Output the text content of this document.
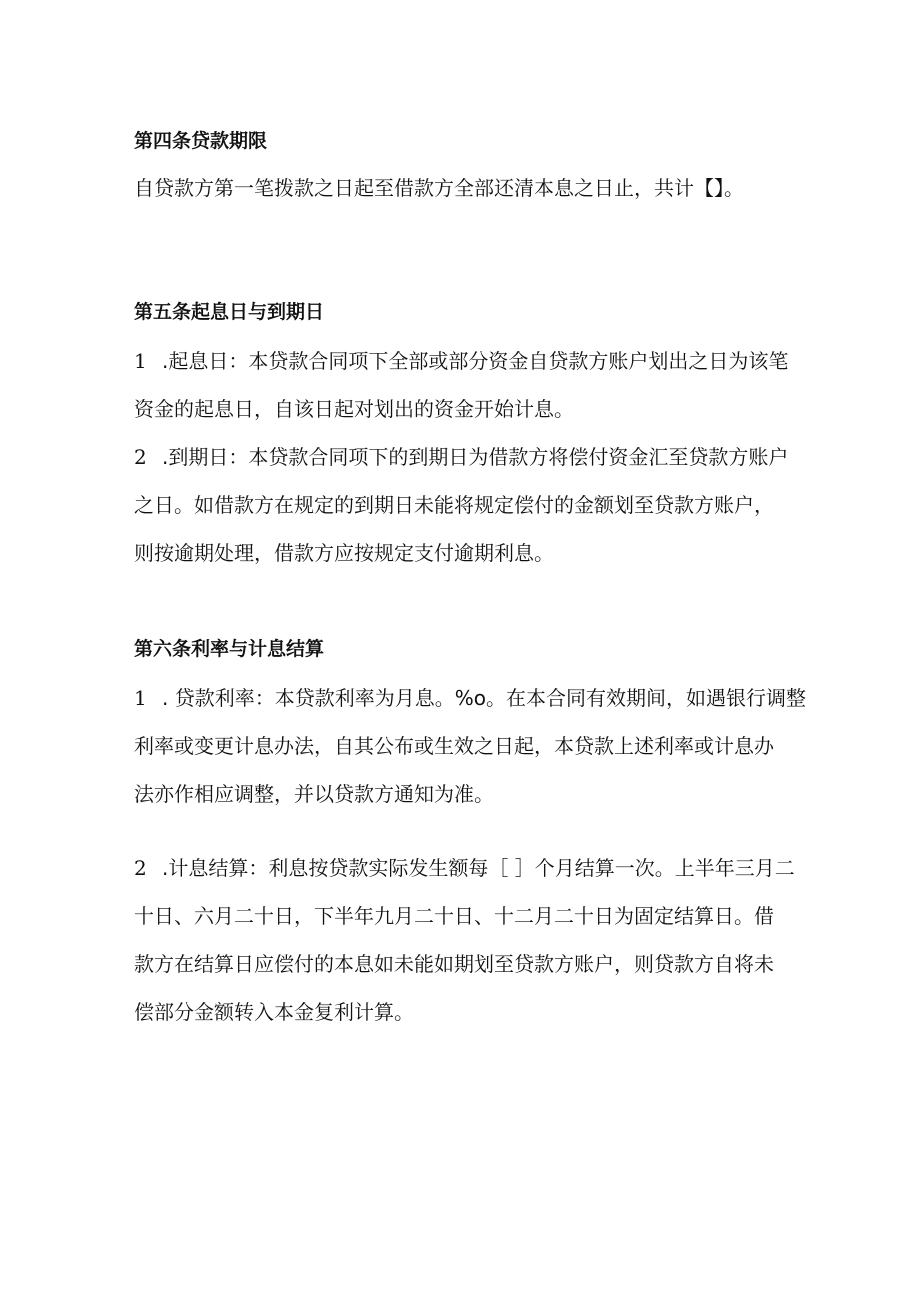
第四条贷款期限
自贷款方第一笔拨款之日起至借款方全部还清本息之日止，共计【】。
第五条起息日与到期日
1 .起息日：本贷款合同项下全部或部分资金自贷款方账户划出之日为该笔
资金的起息日，自该日起对划出的资金开始计息。
2 .到期日：本贷款合同项下的到期日为借款方将偿付资金汇至贷款方账户
之日。如借款方在规定的到期日未能将规定偿付的金额划至贷款方账户，
则按逾期处理，借款方应按规定支付逾期利息。
第六条利率与计息结算
1 . 贷款利率：本贷款利率为月息。%o。在本合同有效期间，如遇银行调整
利率或变更计息办法，自其公布或生效之日起，本贷款上述利率或计息办
法亦作相应调整，并以贷款方通知为准。
2 .计息结算：利息按贷款实际发生额每［ ］个月结算一次。上半年三月二
十日、六月二十日，下半年九月二十日、十二月二十日为固定结算日。借
款方在结算日应偿付的本息如未能如期划至贷款方账户，则贷款方自将未
偿部分金额转入本金复利计算。
